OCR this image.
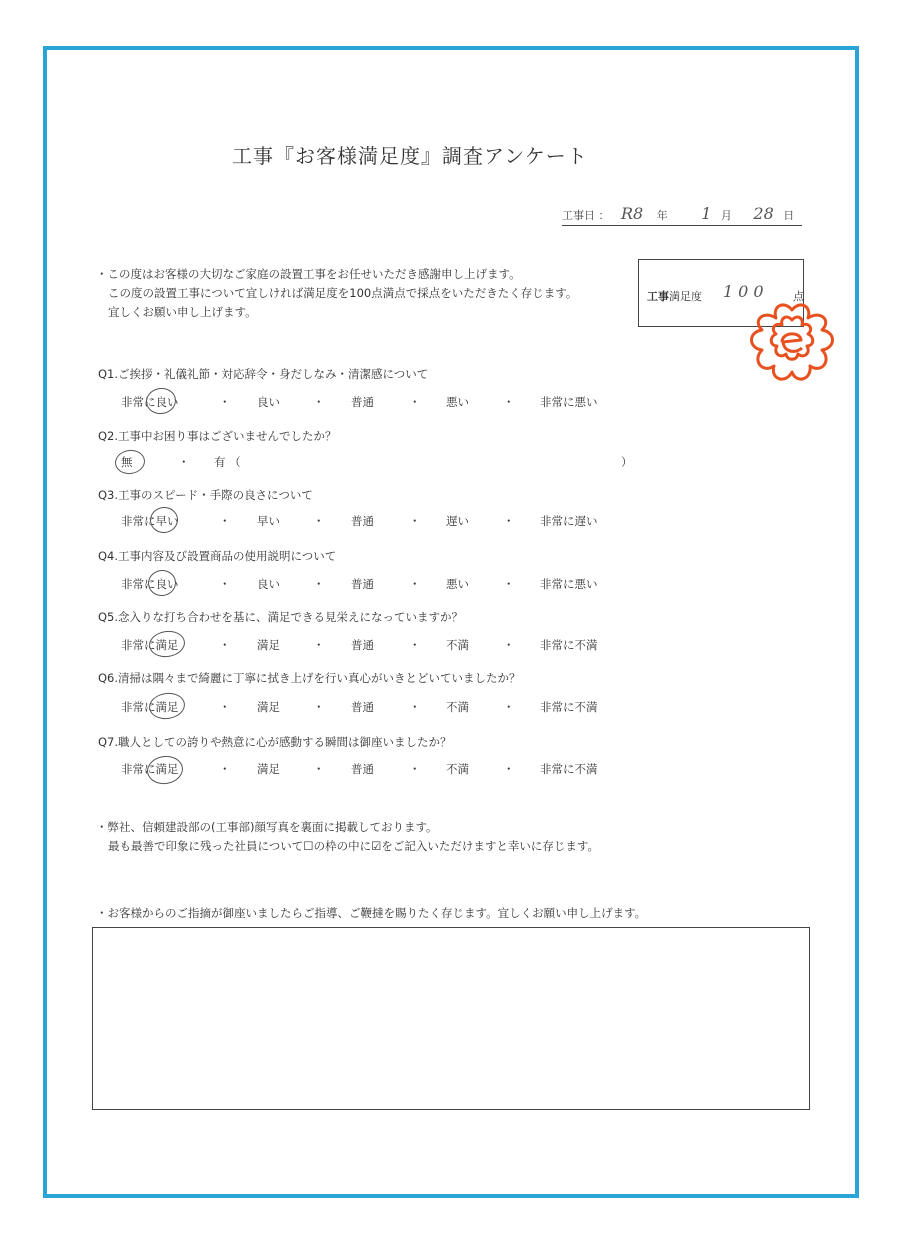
工事『お客様満足度』調査アンケート
工事日 ： R8 年 1 月 28 日
・この度はお客様の大切なご家庭の設置工事をお任せいただき感謝申し上げます。
この度の設置工事について宜しければ満足度を100点満点で採点をいただきたく存じます。
宜しくお願い申し上げます。
工事満足度 100 点
Q1.ご挨拶・礼儀礼節・対応辞令・身だしなみ・清潔感について
非常に良い	・ 良い	・ 普通	・ 悪い	・ 非常に悪い
Q2.工事中お困り事はございませんでしたか？
無	・ 有 （	）
Q3.工事のスピード・手際の良さについて
非常に早い	・ 早い	・ 普通	・ 遅い	・ 非常に遅い
Q4.工事内容及び設置商品の使用説明について
非常に良い	・ 良い	・ 普通	・ 悪い	・ 非常に悪い
Q5.念入りな打ち合わせを基に、満足できる見栄えになっていますか？
非常に満足	・ 満足	・ 普通	・ 不満	・ 非常に不満
Q6.清掃は隅々まで綺麗に丁寧に拭き上げを行い真心がいきとどいていましたか？
非常に満足	・ 満足	・ 普通	・ 不満	・ 非常に不満
Q7.職人としての誇りや熱意に心が感動する瞬間は御座いましたか？
非常に満足	・ 満足	・ 普通	・ 不満	・ 非常に不満
・弊社、信頼建設部の(工事部)顔写真を裏面に掲載しております。
最も最善で印象に残った社員について☐の枠の中に☑をご記入いただけますと幸いに存じます。
・お客様からのご指摘が御座いましたらご指導、ご鞭撻を賜りたく存じます。宜しくお願い申し上げます。
